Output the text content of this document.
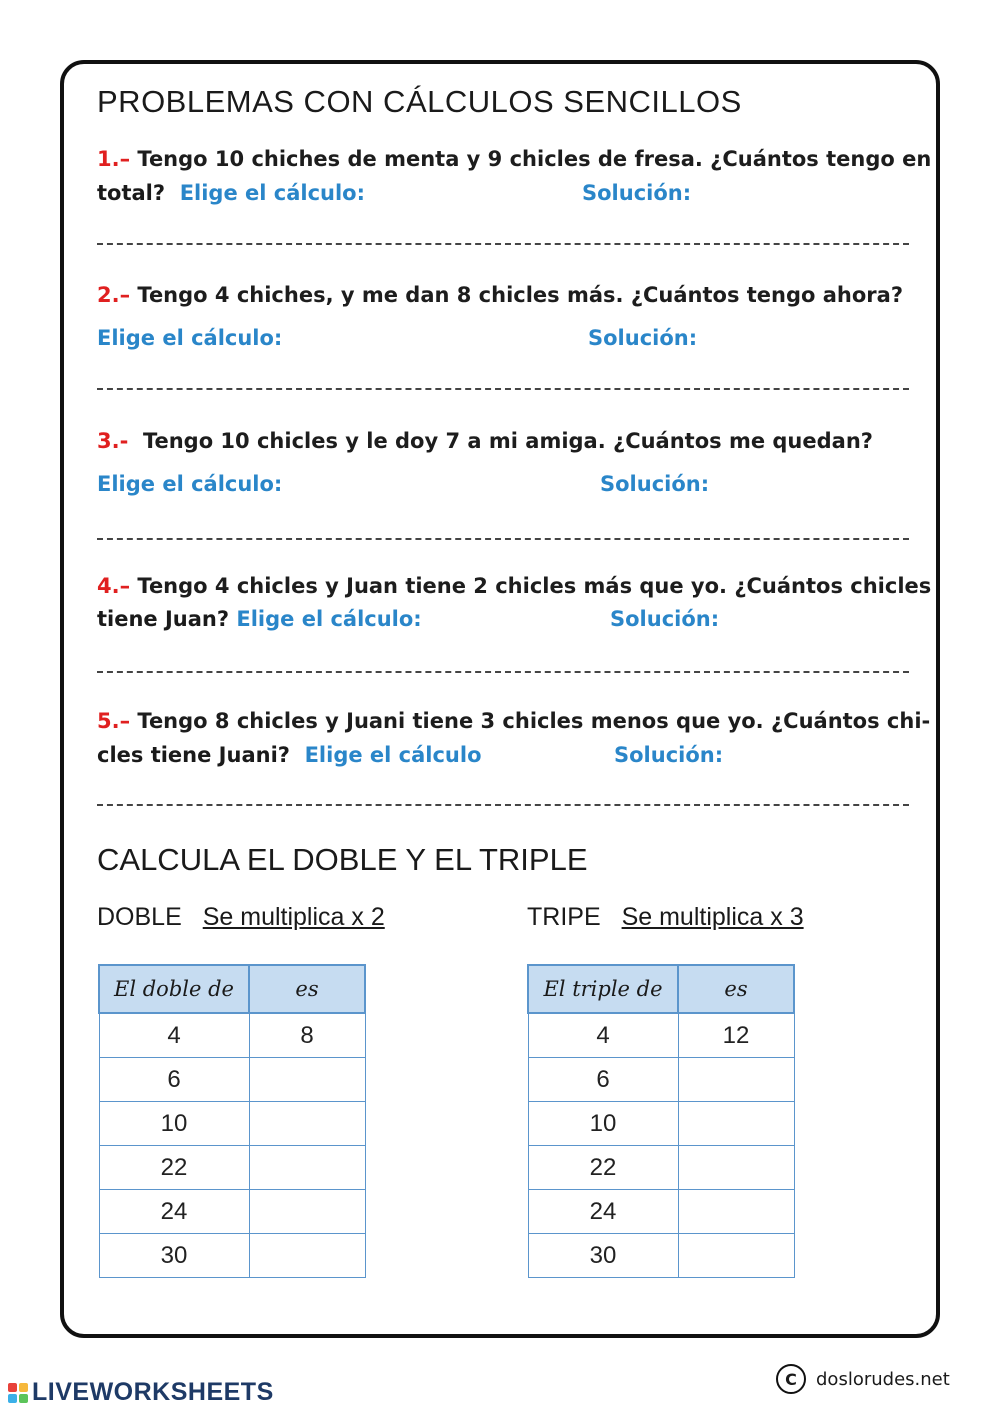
PROBLEMAS CON CÁLCULOS SENCILLOS

1.– Tengo 10 chiches de menta y 9 chicles de fresa. ¿Cuántos tengo en

total? Elige el cálculo:	Solución:

2.– Tengo 4 chiches, y me dan 8 chicles más. ¿Cuántos tengo ahora?

Elige el cálculo:	Solución:

3.- Tengo 10 chicles y le doy 7 a mi amiga. ¿Cuántos me quedan?

Elige el cálculo:	Solución:

4.– Tengo 4 chicles y Juan tiene 2 chicles más que yo. ¿Cuántos chicles

tiene Juan? Elige el cálculo:	Solución:

5.– Tengo 8 chicles y Juani tiene 3 chicles menos que yo. ¿Cuántos chi-

cles tiene Juani? Elige el cálculo	Solución:
CALCULA EL DOBLE Y EL TRIPLE
DOBLE Se multiplica x 2	TRIPE Se multiplica x 3
El doble de	es
4	8
6	
10	
22	
24	
30	
El triple de	es
4	12
6	
10	
22	
24	
30	
LIVEWORKSHEETS	C	doslorudes.net
